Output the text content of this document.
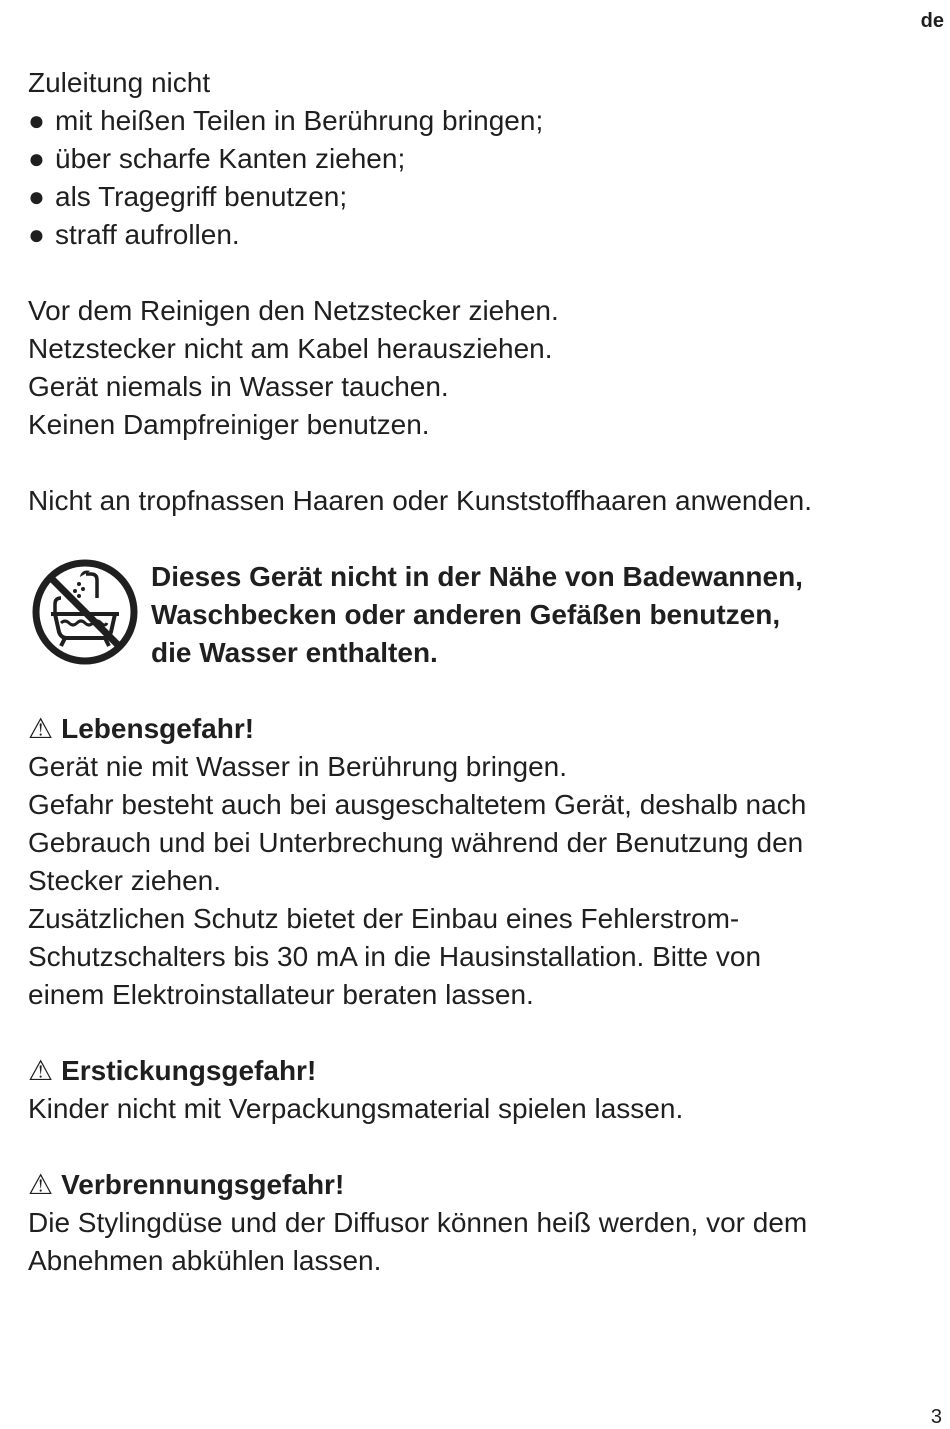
de
Zuleitung nicht
● mit heißen Teilen in Berührung bringen;
● über scharfe Kanten ziehen;
● als Tragegriff benutzen;
● straff aufrollen.
Vor dem Reinigen den Netzstecker ziehen.
Netzstecker nicht am Kabel herausziehen.
Gerät niemals in Wasser tauchen.
Keinen Dampfreiniger benutzen.
Nicht an tropfnassen Haaren oder Kunststoffhaaren anwenden.
Dieses Gerät nicht in der Nähe von Badewannen,
Waschbecken oder anderen Gefäßen benutzen,
die Wasser enthalten.
⚠ Lebensgefahr!
Gerät nie mit Wasser in Berührung bringen.
Gefahr besteht auch bei ausgeschaltetem Gerät, deshalb nach
Gebrauch und bei Unterbrechung während der Benutzung den
Stecker ziehen.
Zusätzlichen Schutz bietet der Einbau eines Fehlerstrom-
Schutzschalters bis 30 mA in die Hausinstallation. Bitte von
einem Elektroinstallateur beraten lassen.
⚠ Erstickungsgefahr!
Kinder nicht mit Verpackungsmaterial spielen lassen.
⚠ Verbrennungsgefahr!
Die Stylingdüse und der Diffusor können heiß werden, vor dem
Abnehmen abkühlen lassen.
3
